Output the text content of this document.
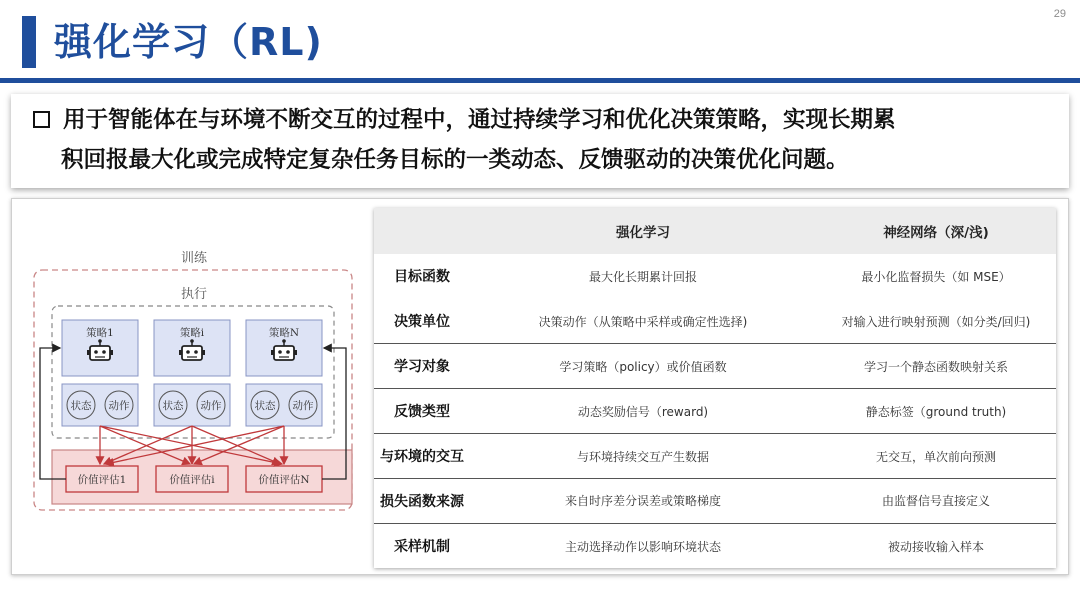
强化学习（RL)
29
用于智能体在与环境不断交互的过程中，通过持续学习和优化决策策略，实现长期累
积回报最大化或完成特定复杂任务目标的一类动态、反馈驱动的决策优化问题。
训练
执行
策略1
状态 动作
价值评估1
策略i
状态 动作
价值评估i
策略N
状态 动作
价值评估N
	强化学习	神经网络（深/浅)
目标函数	最大化长期累计回报	最小化监督损失（如 MSE）
决策单位	决策动作（从策略中采样或确定性选择)	对输入进行映射预测（如分类/回归)
学习对象	学习策略（policy）或价值函数	学习一个静态函数映射关系
反馈类型	动态奖励信号（reward)	静态标签（ground truth)
与环境的交互	与环境持续交互产生数据	无交互，单次前向预测
损失函数来源	来自时序差分误差或策略梯度	由监督信号直接定义
采样机制	主动选择动作以影响环境状态	被动接收输入样本
